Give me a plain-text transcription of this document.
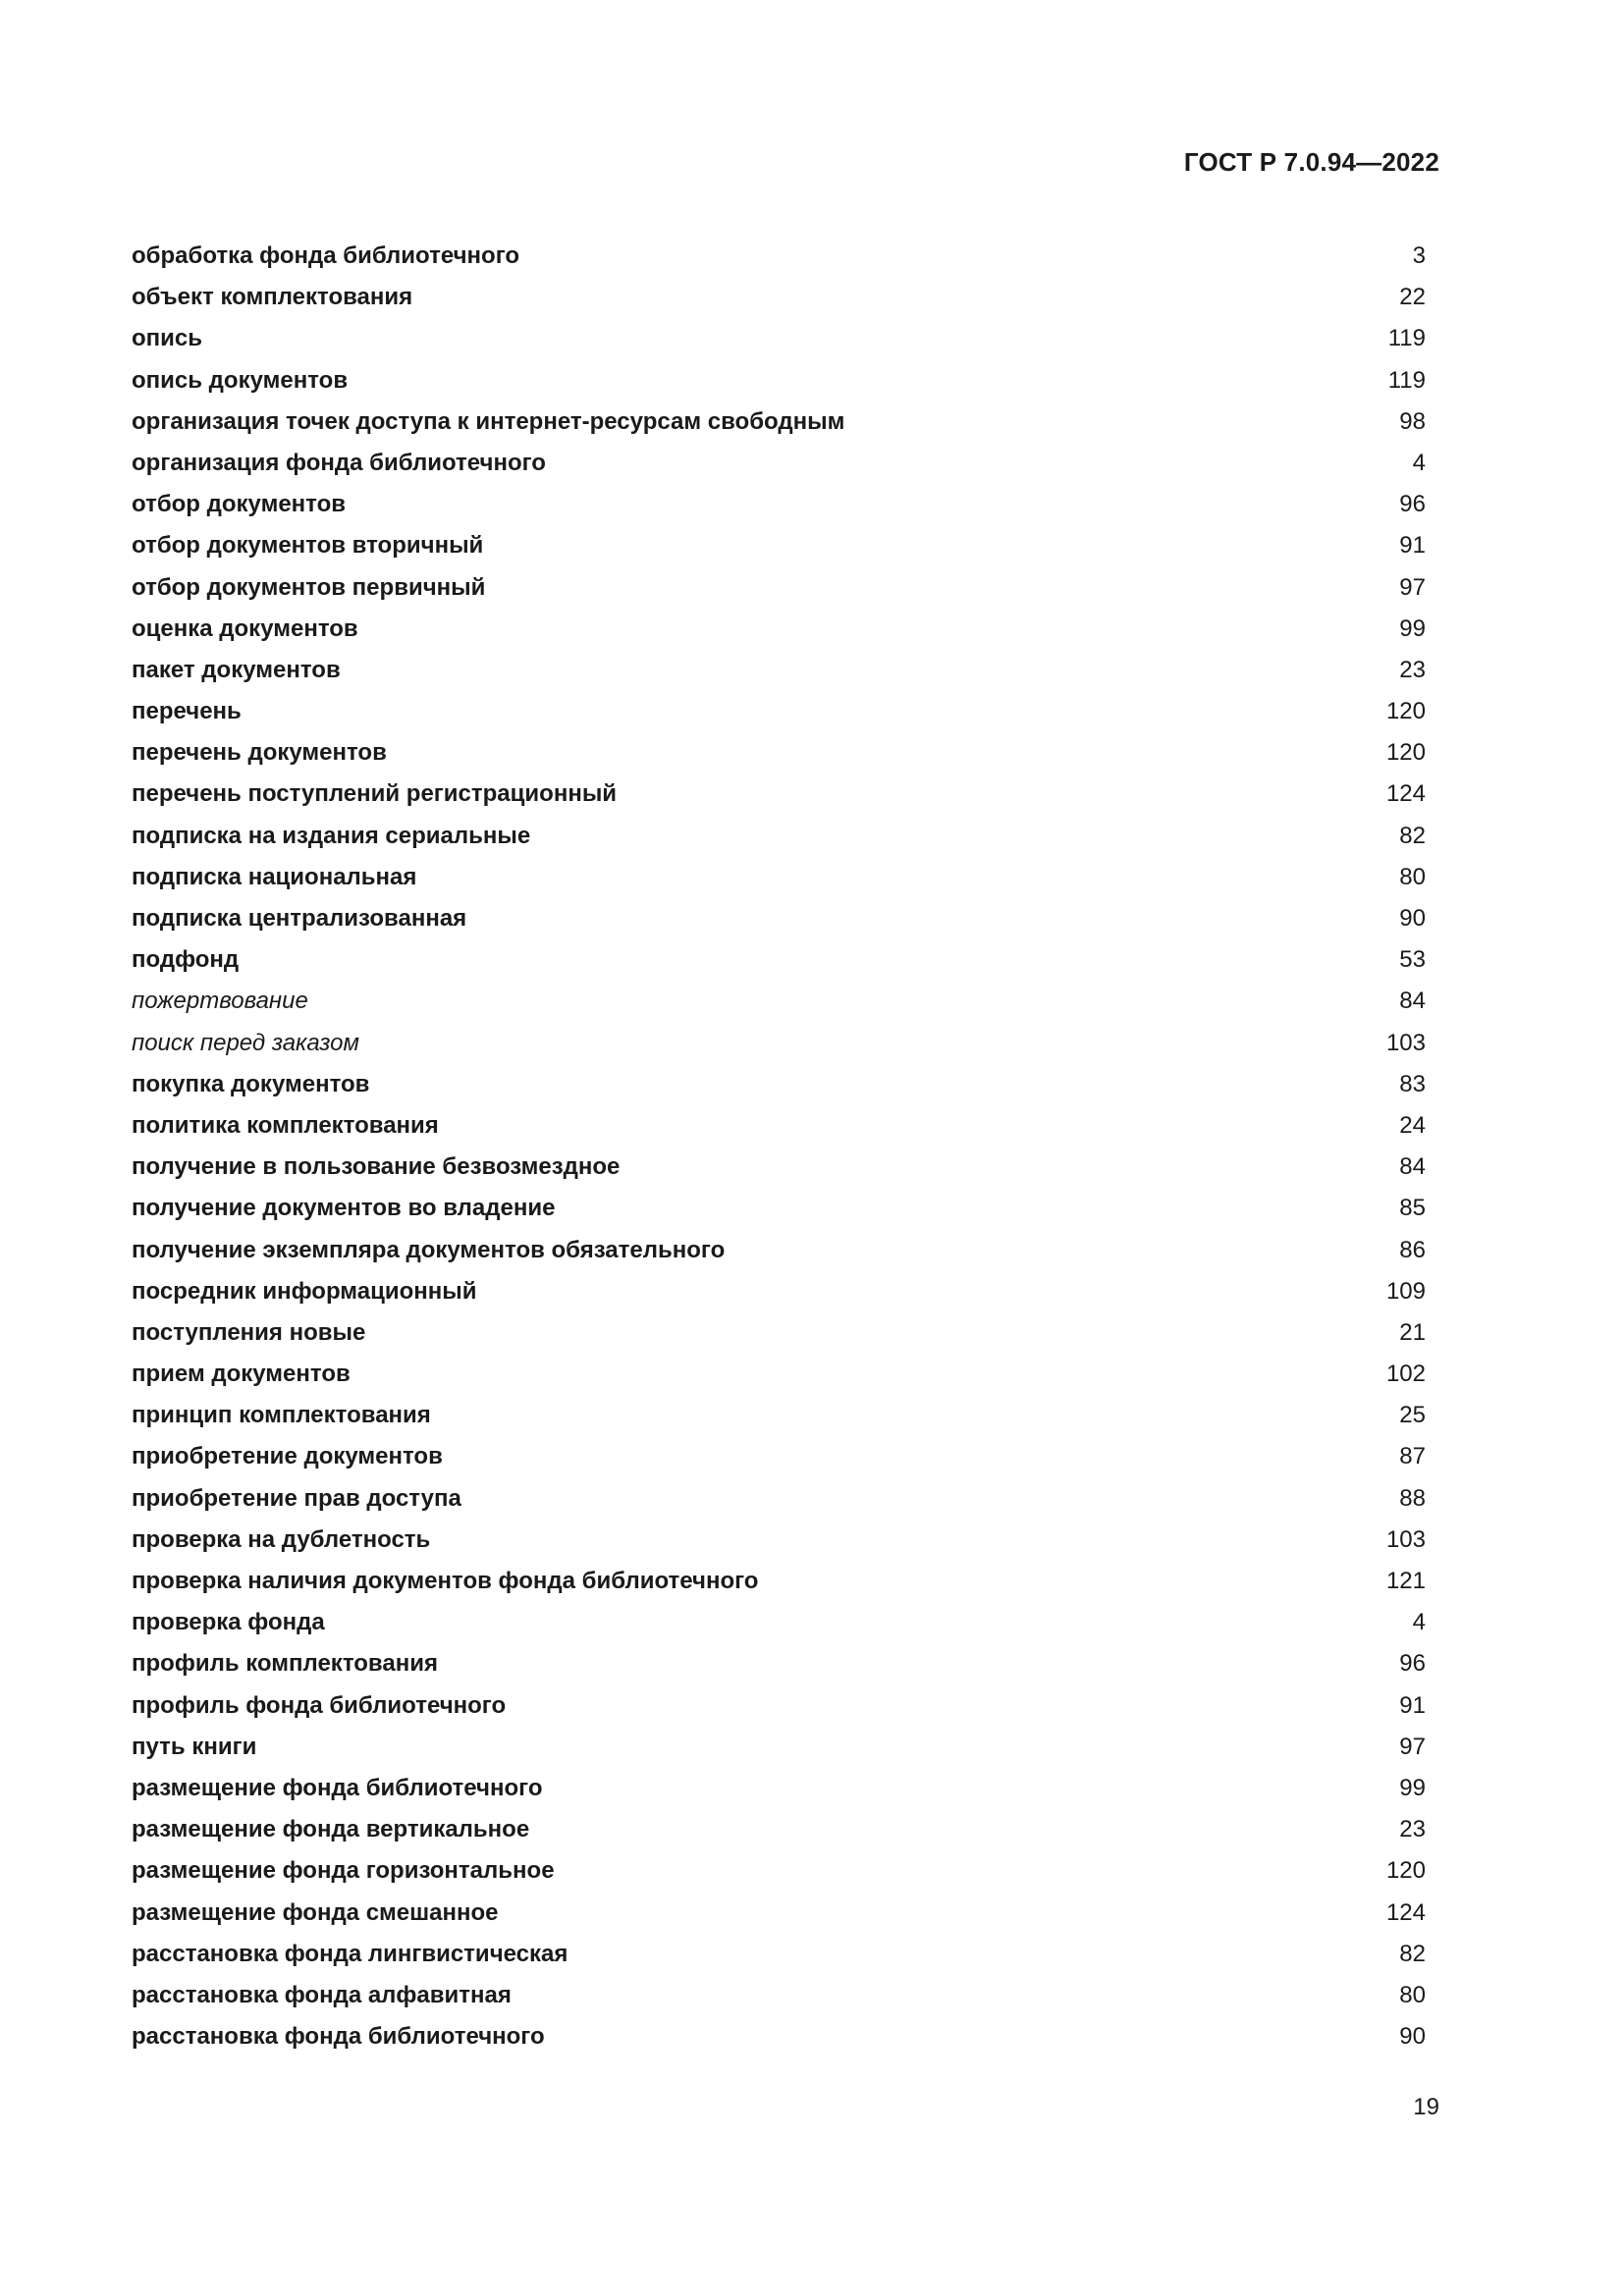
ГОСТ Р 7.0.94—2022
обработка фонда библиотечного	3
объект комплектования	22
опись	119
опись документов	119
организация точек доступа к интернет-ресурсам свободным	98
организация фонда библиотечного	4
отбор документов	96
отбор документов вторичный	91
отбор документов первичный	97
оценка документов	99
пакет документов	23
перечень	120
перечень документов	120
перечень поступлений регистрационный	124
подписка на издания сериальные	82
подписка национальная	80
подписка централизованная	90
подфонд	53
пожертвование	84
поиск перед заказом	103
покупка документов	83
политика комплектования	24
получение в пользование безвозмездное	84
получение документов во владение	85
получение экземпляра документов обязательного	86
посредник информационный	109
поступления новые	21
прием документов	102
принцип комплектования	25
приобретение документов	87
приобретение прав доступа	88
проверка на дублетность	103
проверка наличия документов фонда библиотечного	121
проверка фонда	4
профиль комплектования	96
профиль фонда библиотечного	91
путь книги	97
размещение фонда библиотечного	99
размещение фонда вертикальное	23
размещение фонда горизонтальное	120
размещение фонда смешанное	124
расстановка фонда лингвистическая	82
расстановка фонда алфавитная	80
расстановка фонда библиотечного	90
19
